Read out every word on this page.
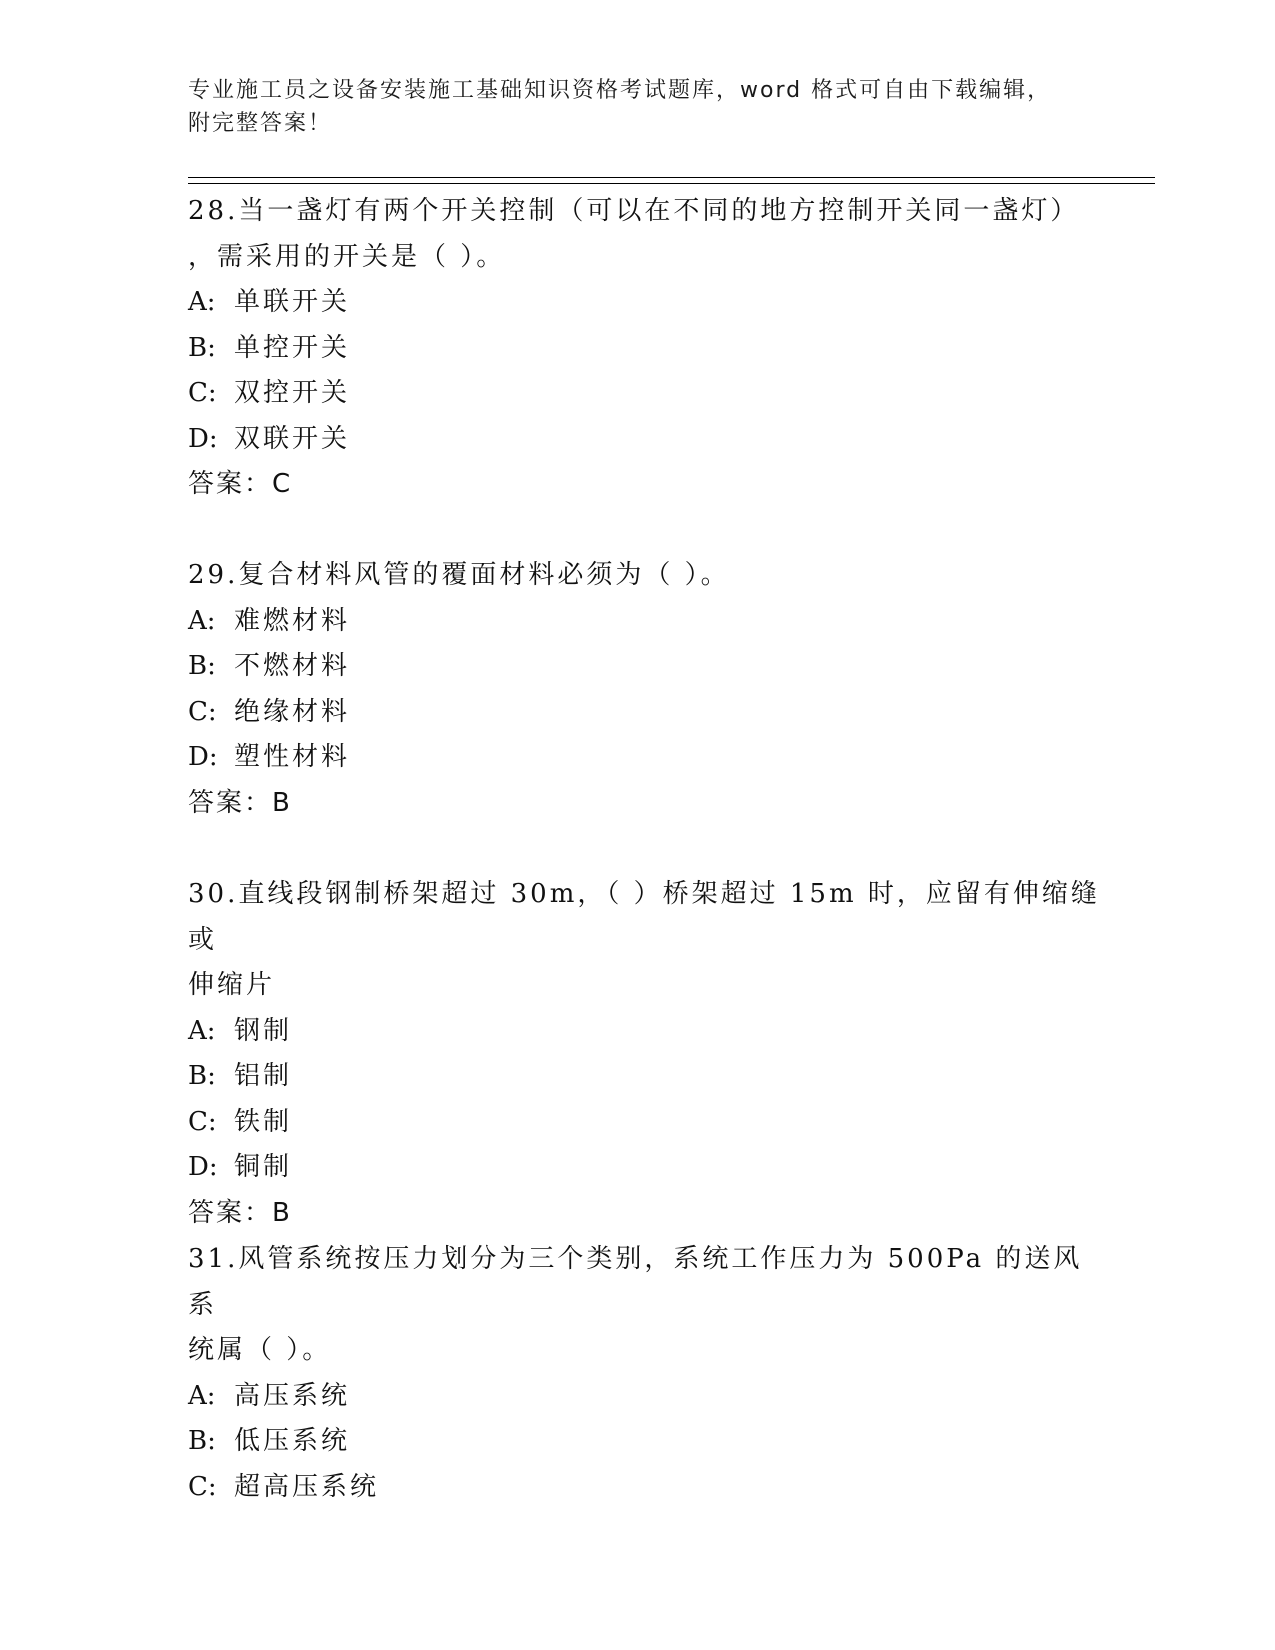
专业施工员之设备安装施工基础知识资格考试题库，word 格式可自由下载编辑，
附完整答案！

28.当一盏灯有两个开关控制（可以在不同的地方控制开关同一盏灯）
，需采用的开关是（ ）。

A: 单联开关

B: 单控开关

C: 双控开关

D: 双联开关

答案：C

29.复合材料风管的覆面材料必须为（ ）。

A: 难燃材料

B: 不燃材料

C: 绝缘材料

D: 塑性材料

答案：B

30.直线段钢制桥架超过 30m，（ ）桥架超过 15m 时，应留有伸缩缝或
伸缩片

A: 钢制

B: 铝制

C: 铁制

D: 铜制

答案：B

31.风管系统按压力划分为三个类别，系统工作压力为 500Pa 的送风系
统属（ ）。

A: 高压系统

B: 低压系统

C: 超高压系统
